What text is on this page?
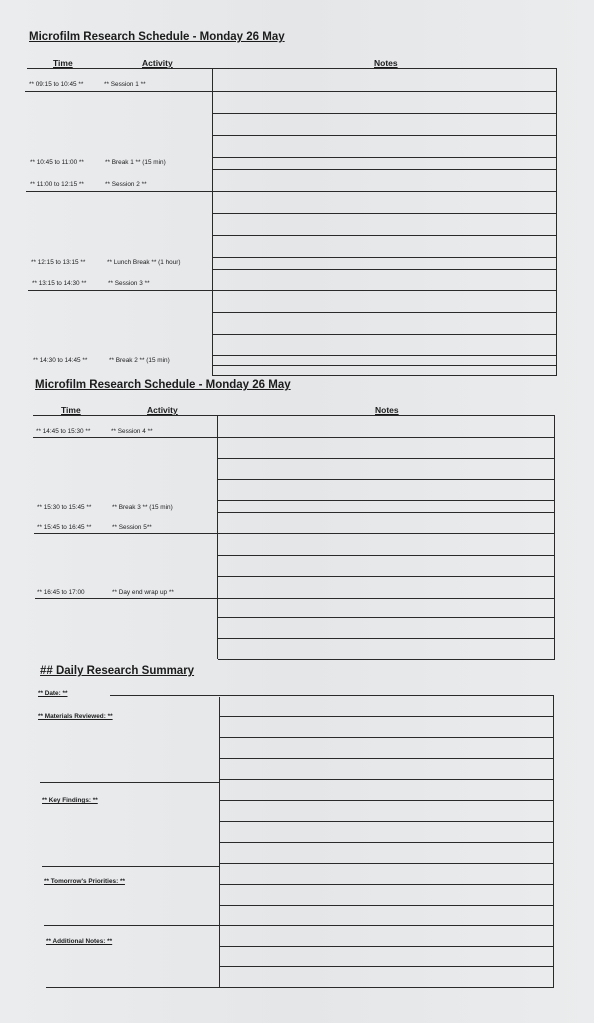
Microfilm Research Schedule - Monday 26 May
Time	Activity	Notes
** 09:15 to 10:45 **	** Session 1 **
** 10:45 to 11:00 **	** Break 1 ** (15 min)
** 11:00 to 12:15 **	** Session 2 **
** 12:15 to 13:15 **	** Lunch Break ** (1 hour)
** 13:15 to 14:30 **	** Session 3 **
** 14:30 to 14:45 **	** Break 2 ** (15 min)
Microfilm Research Schedule - Monday 26 May
Time	Activity	Notes
** 14:45 to 15:30 **	** Session 4 **
** 15:30 to 15:45 **	** Break 3 ** (15 min)
** 15:45 to 16:45 **	** Session 5**
** 16:45 to 17:00	** Day end wrap up **
## Daily Research Summary
** Date: **
** Materials Reviewed: **
** Key Findings: **
** Tomorrow's Priorities: **
** Additional Notes: **
